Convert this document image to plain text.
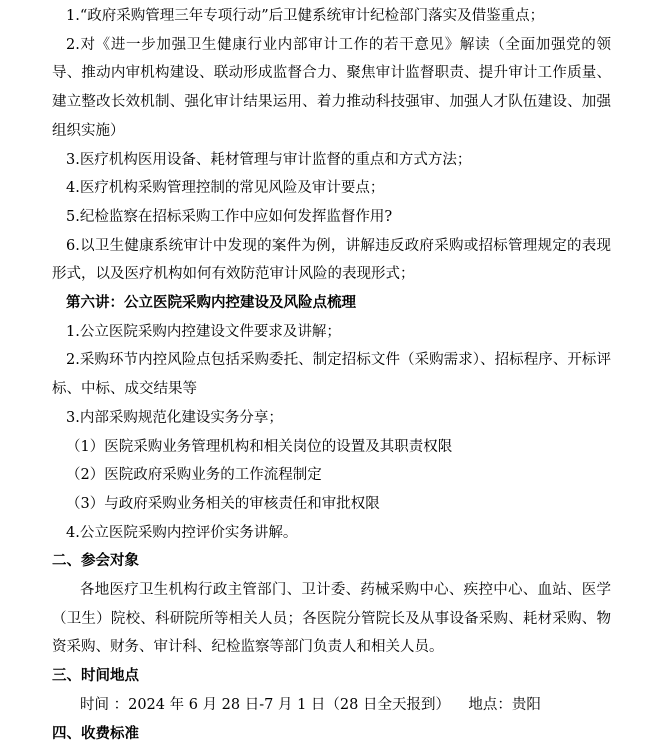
1.“政府采购管理三年专项行动”后卫健系统审计纪检部门落实及借鉴重点；

2.对《进一步加强卫生健康行业内部审计工作的若干意见》解读（全面加强党的领导、推动内审机构建设、联动形成监督合力、聚焦审计监督职责、提升审计工作质量、建立整改长效机制、强化审计结果运用、着力推动科技强审、加强人才队伍建设、加强组织实施）

3.医疗机构医用设备、耗材管理与审计监督的重点和方式方法；

4.医疗机构采购管理控制的常见风险及审计要点；

5.纪检监察在招标采购工作中应如何发挥监督作用?

6.以卫生健康系统审计中发现的案件为例，讲解违反政府采购或招标管理规定的表现形式，以及医疗机构如何有效防范审计风险的表现形式；

第六讲：公立医院采购内控建设及风险点梳理

1.公立医院采购内控建设文件要求及讲解；

2.采购环节内控风险点包括采购委托、制定招标文件（采购需求）、招标程序、开标评标、中标、成交结果等

3.内部采购规范化建设实务分享；

（1）医院采购业务管理机构和相关岗位的设置及其职责权限

（2）医院政府采购业务的工作流程制定

（3）与政府采购业务相关的审核责任和审批权限

4.公立医院采购内控评价实务讲解。

二、参会对象

各地医疗卫生机构行政主管部门、卫计委、药械采购中心、疾控中心、血站、医学（卫生）院校、科研院所等相关人员；各医院分管院长及从事设备采购、耗材采购、物资采购、财务、审计科、纪检监察等部门负责人和相关人员。

三、时间地点

时间 ：2024 年 6 月 28 日-7 月 1 日（28 日全天报到）    地点：贵阳

四、收费标准
